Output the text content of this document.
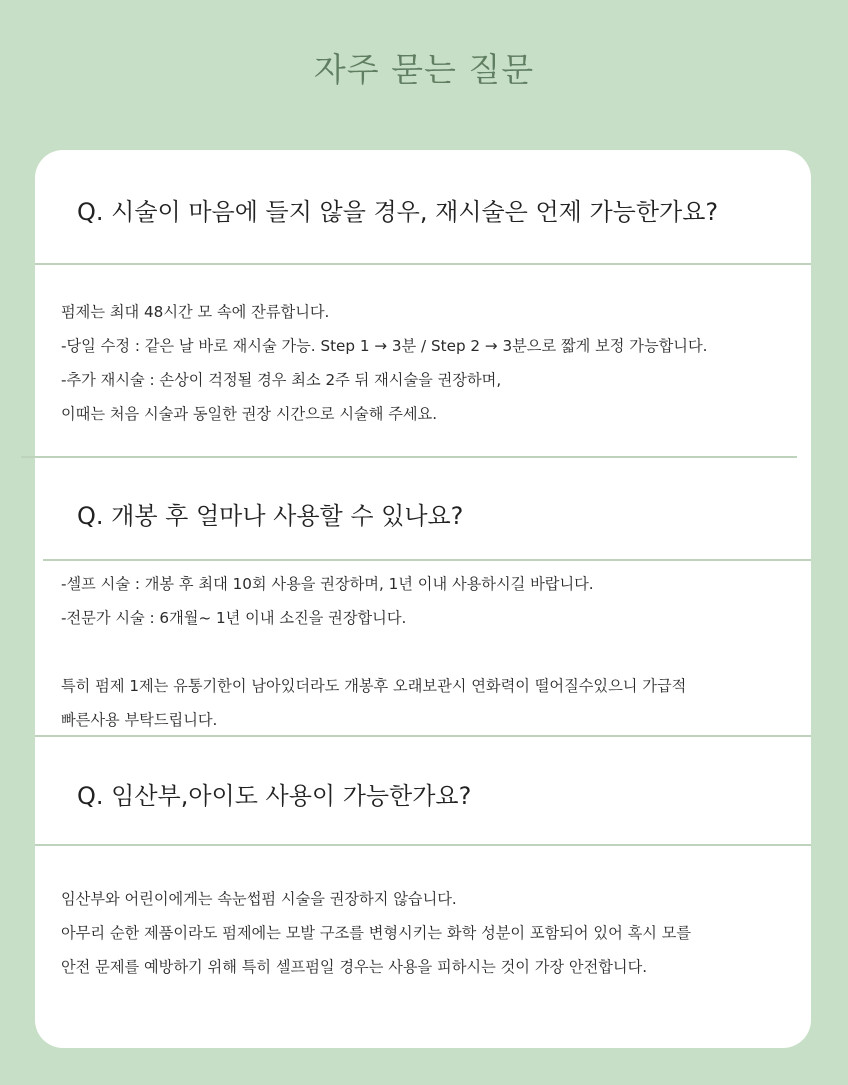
자주 묻는 질문
Q. 시술이 마음에 들지 않을 경우, 재시술은 언제 가능한가요?
펌제는 최대 48시간 모 속에 잔류합니다.
-당일 수정 : 같은 날 바로 재시술 가능. Step 1 → 3분 / Step 2 → 3분으로 짧게 보정 가능합니다.
-추가 재시술 : 손상이 걱정될 경우 최소 2주 뒤 재시술을 권장하며,
이때는 처음 시술과 동일한 권장 시간으로 시술해 주세요.
Q. 개봉 후 얼마나 사용할 수 있나요?
-셀프 시술 : 개봉 후 최대 10회 사용을 권장하며, 1년 이내 사용하시길 바랍니다.
-전문가 시술 : 6개월~ 1년 이내 소진을 권장합니다.
특히 펌제 1제는 유통기한이 남아있더라도 개봉후 오래보관시 연화력이 떨어질수있으니 가급적
빠른사용 부탁드립니다.
Q. 임산부,아이도 사용이 가능한가요?
임산부와 어린이에게는 속눈썹펌 시술을 권장하지 않습니다.
아무리 순한 제품이라도 펌제에는 모발 구조를 변형시키는 화학 성분이 포함되어 있어 혹시 모를
안전 문제를 예방하기 위해 특히 셀프펌일 경우는 사용을 피하시는 것이 가장 안전합니다.
